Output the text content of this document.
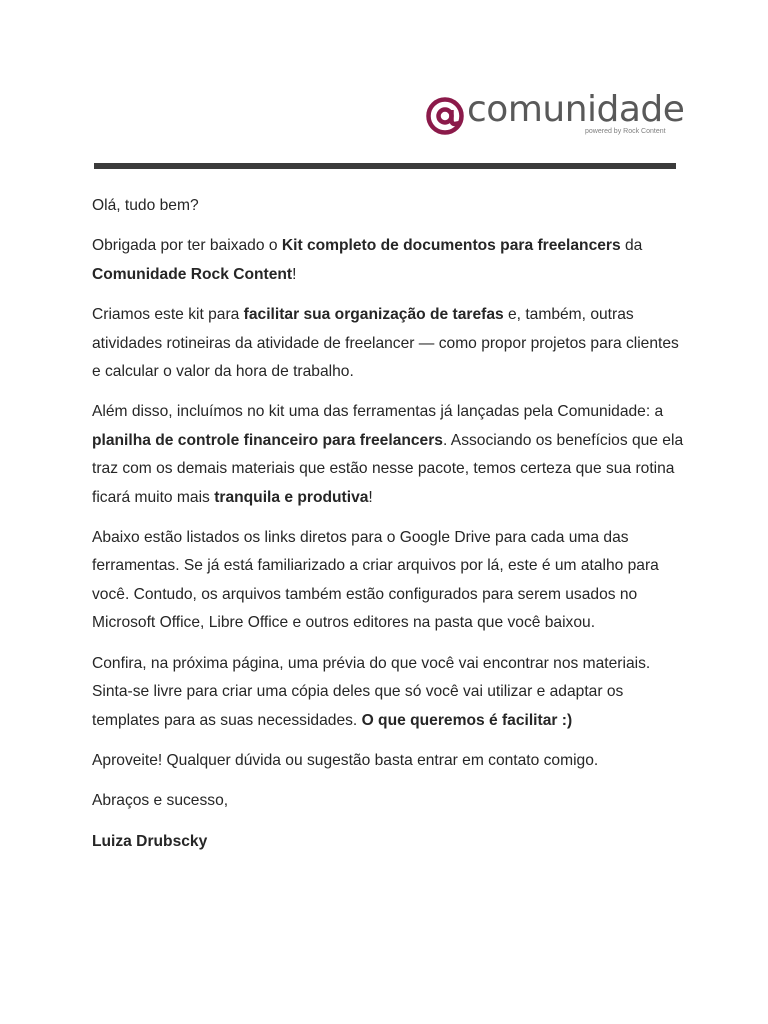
comunidade
powered by Rock Content

Olá, tudo bem?

Obrigada por ter baixado o Kit completo de documentos para freelancers da Comunidade Rock Content!

Criamos este kit para facilitar sua organização de tarefas e, também, outras atividades rotineiras da atividade de freelancer — como propor projetos para clientes e calcular o valor da hora de trabalho.

Além disso, incluímos no kit uma das ferramentas já lançadas pela Comunidade: a planilha de controle financeiro para freelancers. Associando os benefícios que ela traz com os demais materiais que estão nesse pacote, temos certeza que sua rotina ficará muito mais tranquila e produtiva!

Abaixo estão listados os links diretos para o Google Drive para cada uma das ferramentas. Se já está familiarizado a criar arquivos por lá, este é um atalho para você. Contudo, os arquivos também estão configurados para serem usados no Microsoft Office, Libre Office e outros editores na pasta que você baixou.

Confira, na próxima página, uma prévia do que você vai encontrar nos materiais. Sinta-se livre para criar uma cópia deles que só você vai utilizar e adaptar os templates para as suas necessidades. O que queremos é facilitar :)

Aproveite! Qualquer dúvida ou sugestão basta entrar em contato comigo.

Abraços e sucesso,

Luiza Drubscky
